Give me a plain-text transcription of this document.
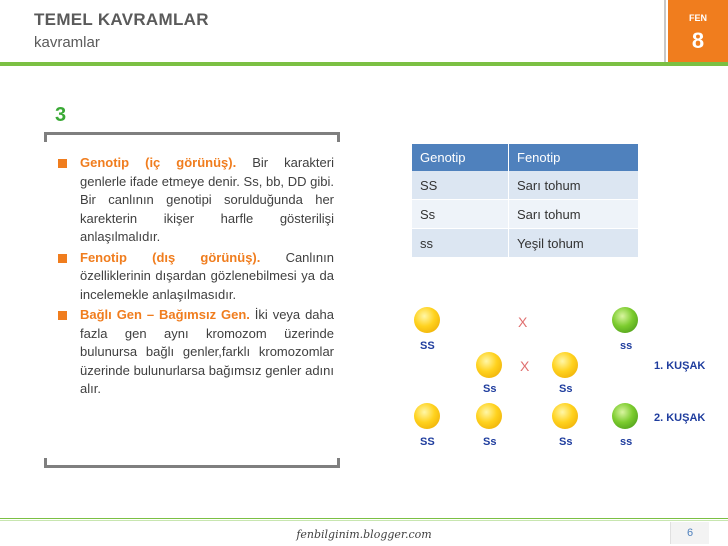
TEMEL KAVRAMLAR
kavramlar
FEN
8
3
Genotip (iç görünüş). Bir karakteri genlerle ifade etmeye denir. Ss, bb, DD gibi. Bir canlının genotipi sorulduğunda her karekterin ikişer harfle gösterilişi anlaşılmalıdır.
Fenotip (dış görünüş). Canlının özelliklerinin dışardan gözlenebilmesi ya da incelemekle anlaşılmasıdır.
Bağlı Gen – Bağımsız Gen. İki veya daha fazla gen aynı kromozom üzerinde bulunursa bağlı genler,farklı kromozomlar üzerinde bulunurlarsa bağımsız genler adını alır.
Genotip	Fenotip
SS	Sarı tohum
Ss	Sarı tohum
ss	Yeşil tohum
X
SS	ss
X
Ss	Ss
1. KUŞAK
SS	Ss	Ss	ss
2. KUŞAK
fenbilginim.blogger.com	6
